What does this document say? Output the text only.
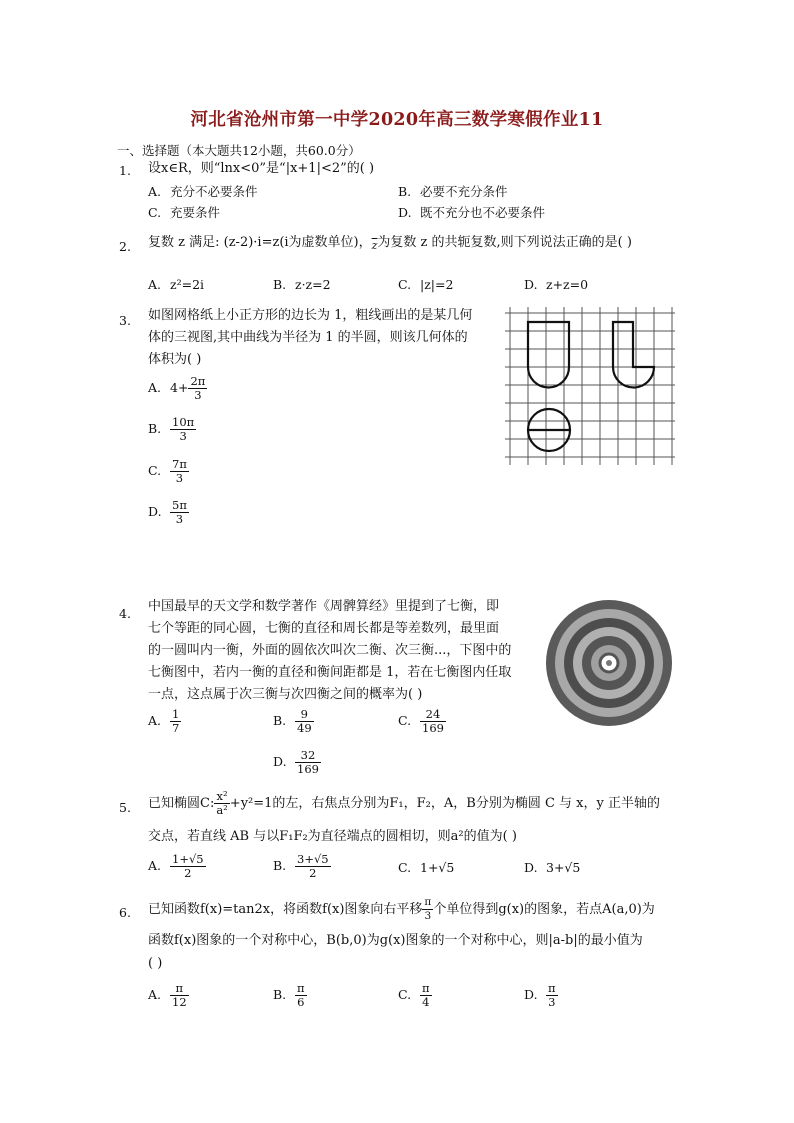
河北省沧州市第一中学2020年高三数学寒假作业11
一、选择题（本大题共12小题，共60.0分）
1. 设x∈R，则“lnx<0”是“|x+1|<2”的( )
A. 充分不必要条件	B. 必要不充分条件
C. 充要条件	D. 既不充分也不必要条件
2. 复数 z 满足: (z-2)·i=z(i为虚数单位)，$_{\overline{z}}$为复数 z 的共轭复数,则下列说法正确的是( )
A. z²=2i	B. z·z=2	C. |z|=2	D. z+z=0
3. 如图网格纸上小正方形的边长为 1，粗线画出的是某几何
体的三视图,其中曲线为半径为 1 的半圆，则该几何体的
体积为( )
A. $4+ \frac{2\pi}{3}$
B. $\frac{10\pi}{3}$
C. $\frac{7\pi}{3}$
D. $\frac{5\pi}{3}$
4. 中国最早的天文学和数学著作《周髀算经》里提到了七衡，即
七个等距的同心圆，七衡的直径和周长都是等差数列，最里面
的一圆叫内一衡，外面的圆依次叫次二衡、次三衡...，下图中的
七衡图中，若内一衡的直径和衡间距都是 1，若在七衡图内任取
一点，这点属于次三衡与次四衡之间的概率为( )
A. $\frac{1}{7}$	B. $\frac{9}{49}$	C. $\frac{24}{169}$
D. $\frac{32}{169}$
5. 已知椭圆C: $\frac{\text{x²}}{\text{a²}} +y^2=1$的左，右焦点分别为F₁，F₂，A，B分别为椭圆 C 与 x，y 正半轴的
交点，若直线 AB 与以F₁F₂为直径端点的圆相切，则a²的值为( )
A. $\frac{1+√5}{2}$	B. $\frac{3+√5}{2}$	C. 1+√5	D. 3+√5
6. 已知函数f(x)=tan2x，将函数f(x)图象向右平移 $\frac{\pi}{3}$ 个单位得到g(x)的图象，若点A(a,0)为
函数f(x)图象的一个对称中心，B(b,0)为g(x)图象的一个对称中心，则|a-b|的最小值为
( )
A. $\frac{\pi}{12}$	B. $\frac{\pi}{6}$	C. $\frac{\pi}{4}$	D. $\frac{\pi}{3}$
